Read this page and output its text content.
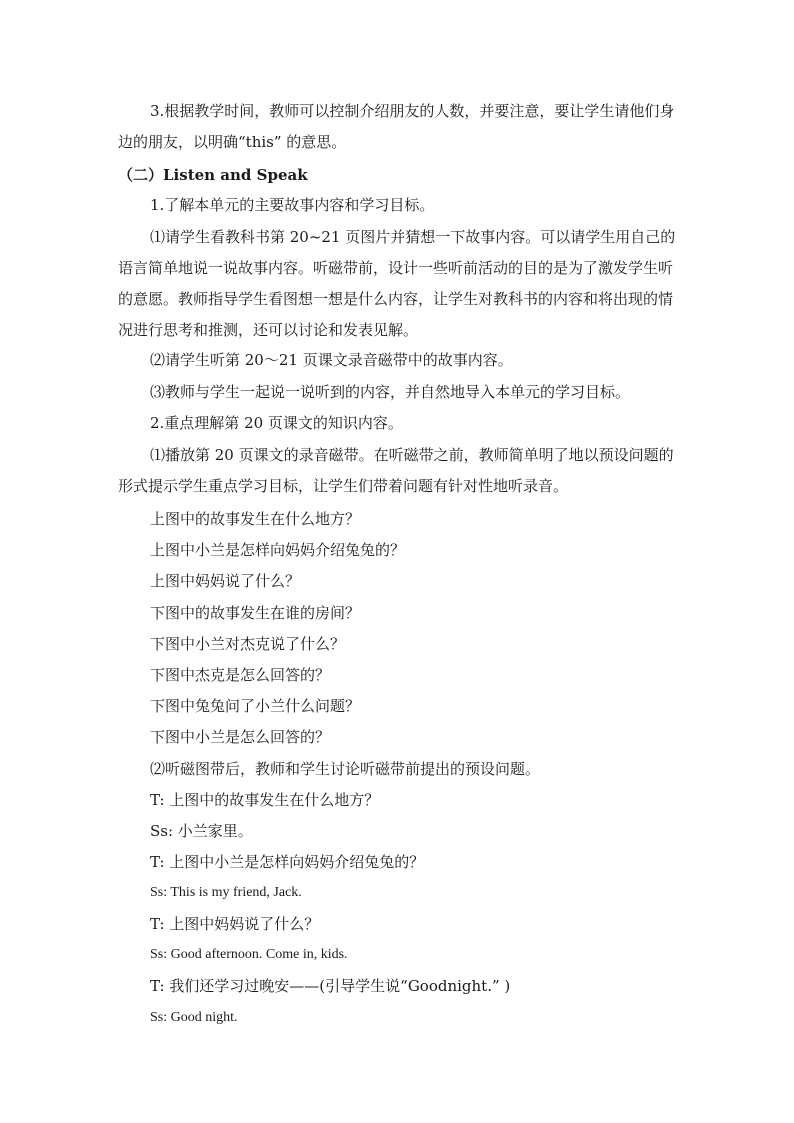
3.根据教学时间，教师可以控制介绍朋友的人数，并要注意，要让学生请他们身边的朋友，以明确“this” 的意思。

（二）Listen and Speak

1.了解本单元的主要故事内容和学习目标。

⑴请学生看教科书第 20~21 页图片并猜想一下故事内容。可以请学生用自己的语言简单地说一说故事内容。听磁带前，设计一些听前活动的目的是为了激发学生听的意愿。教师指导学生看图想一想是什么内容，让学生对教科书的内容和将出现的情况进行思考和推测，还可以讨论和发表见解。

⑵请学生听第 20～21 页课文录音磁带中的故事内容。

⑶教师与学生一起说一说听到的内容，并自然地导入本单元的学习目标。

2.重点理解第 20 页课文的知识内容。

⑴播放第 20 页课文的录音磁带。在听磁带之前，教师简单明了地以预设问题的形式提示学生重点学习目标，让学生们带着问题有针对性地听录音。

上图中的故事发生在什么地方？

上图中小兰是怎样向妈妈介绍兔兔的？

上图中妈妈说了什么？

下图中的故事发生在谁的房间？

下图中小兰对杰克说了什么？

下图中杰克是怎么回答的？

下图中兔兔问了小兰什么问题？

下图中小兰是怎么回答的？

⑵听磁图带后，教师和学生讨论听磁带前提出的预设问题。

T: 上图中的故事发生在什么地方？

Ss: 小兰家里。

T: 上图中小兰是怎样向妈妈介绍兔兔的？

Ss: This is my friend, Jack.

T: 上图中妈妈说了什么？

Ss: Good afternoon. Come in, kids.

T: 我们还学习过晚安——(引导学生说“Goodnight.” )

Ss: Good night.
